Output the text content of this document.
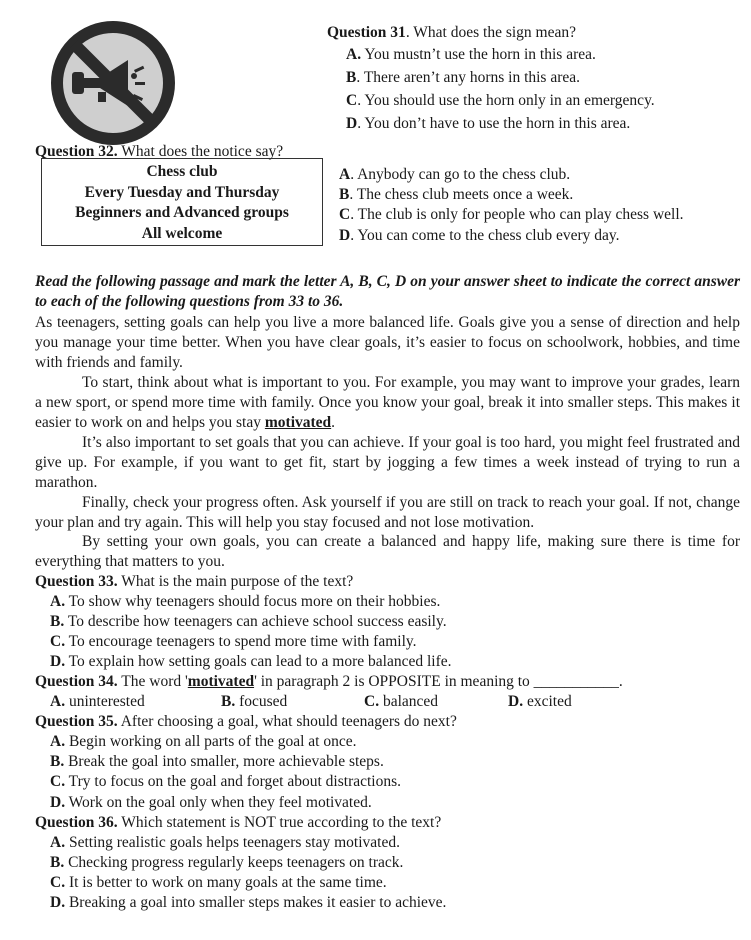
Question 31. What does the sign mean?
A. You mustn’t use the horn in this area.
B. There aren’t any horns in this area.
C. You should use the horn only in an emergency.
D. You don’t have to use the horn in this area.
Question 32. What does the notice say?
Chess club
Every Tuesday and Thursday
Beginners and Advanced groups
All welcome
A. Anybody can go to the chess club.
B. The chess club meets once a week.
C. The club is only for people who can play chess well.
D. You can come to the chess club every day.
Read the following passage and mark the letter A, B, C, D on your answer sheet to indicate the correct answer to each of the following questions from 33 to 36.
As teenagers, setting goals can help you live a more balanced life. Goals give you a sense of direction and help you manage your time better. When you have clear goals, it’s easier to focus on schoolwork, hobbies, and time with friends and family.
To start, think about what is important to you. For example, you may want to improve your grades, learn a new sport, or spend more time with family. Once you know your goal, break it into smaller steps. This makes it easier to work on and helps you stay motivated.
It’s also important to set goals that you can achieve. If your goal is too hard, you might feel frustrated and give up. For example, if you want to get fit, start by jogging a few times a week instead of trying to run a marathon.
Finally, check your progress often. Ask yourself if you are still on track to reach your goal. If not, change your plan and try again. This will help you stay focused and not lose motivation.
By setting your own goals, you can create a balanced and happy life, making sure there is time for everything that matters to you.
Question 33. What is the main purpose of the text?
A. To show why teenagers should focus more on their hobbies.
B. To describe how teenagers can achieve school success easily.
C. To encourage teenagers to spend more time with family.
D. To explain how setting goals can lead to a more balanced life.
Question 34. The word 'motivated' in paragraph 2 is OPPOSITE in meaning to ___________.
A. uninterested	B. focused	C. balanced	D. excited
Question 35. After choosing a goal, what should teenagers do next?
A. Begin working on all parts of the goal at once.
B. Break the goal into smaller, more achievable steps.
C. Try to focus on the goal and forget about distractions.
D. Work on the goal only when they feel motivated.
Question 36. Which statement is NOT true according to the text?
A. Setting realistic goals helps teenagers stay motivated.
B. Checking progress regularly keeps teenagers on track.
C. It is better to work on many goals at the same time.
D. Breaking a goal into smaller steps makes it easier to achieve.
